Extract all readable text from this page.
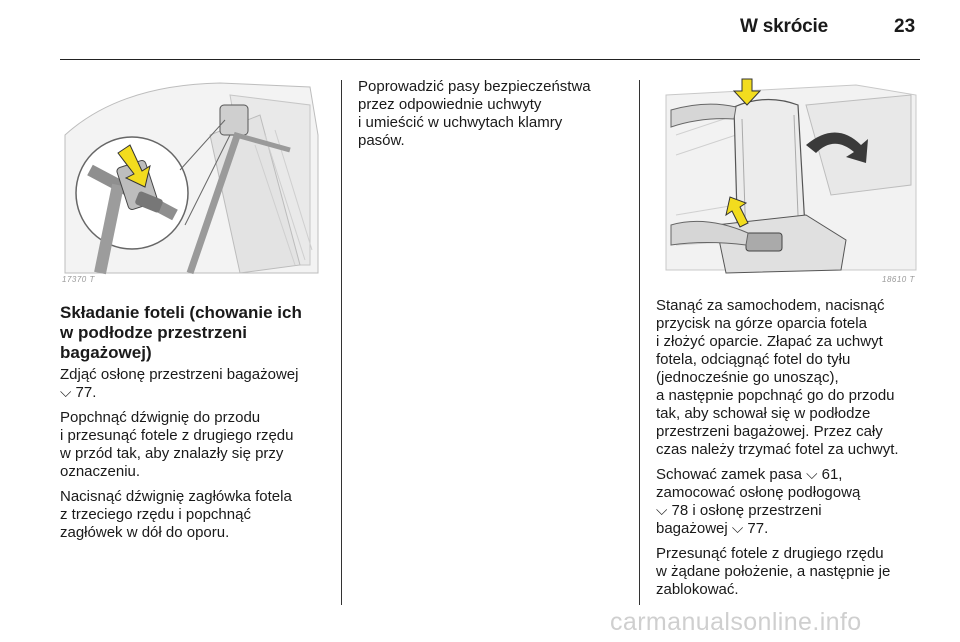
W skrócie	23
17370 T	18610 T
Składanie foteli (chowanie ich
w podłodze przestrzeni
bagażowej)

Zdjąć osłonę przestrzeni bagażowej
⌵ 77.

Popchnąć dźwignię do przodu
i przesunąć fotele z drugiego rzędu
w przód tak, aby znalazły się przy
oznaczeniu.

Nacisnąć dźwignię zagłówka fotela
z trzeciego rzędu i popchnąć
zagłówek w dół do oporu.

Poprowadzić pasy bezpieczeństwa
przez odpowiednie uchwyty
i umieścić w uchwytach klamry
pasów.

Stanąć za samochodem, nacisnąć
przycisk na górze oparcia fotela
i złożyć oparcie. Złapać za uchwyt
fotela, odciągnąć fotel do tyłu
(jednocześnie go unosząc),
a następnie popchnąć go do przodu
tak, aby schował się w podłodze
przestrzeni bagażowej. Przez cały
czas należy trzymać fotel za uchwyt.

Schować zamek pasa ⌵ 61,
zamocować osłonę podłogową
⌵ 78 i osłonę przestrzeni
bagażowej ⌵ 77.

Przesunąć fotele z drugiego rzędu
w żądane położenie, a następnie je
zablokować.

carmanualsonline.info
